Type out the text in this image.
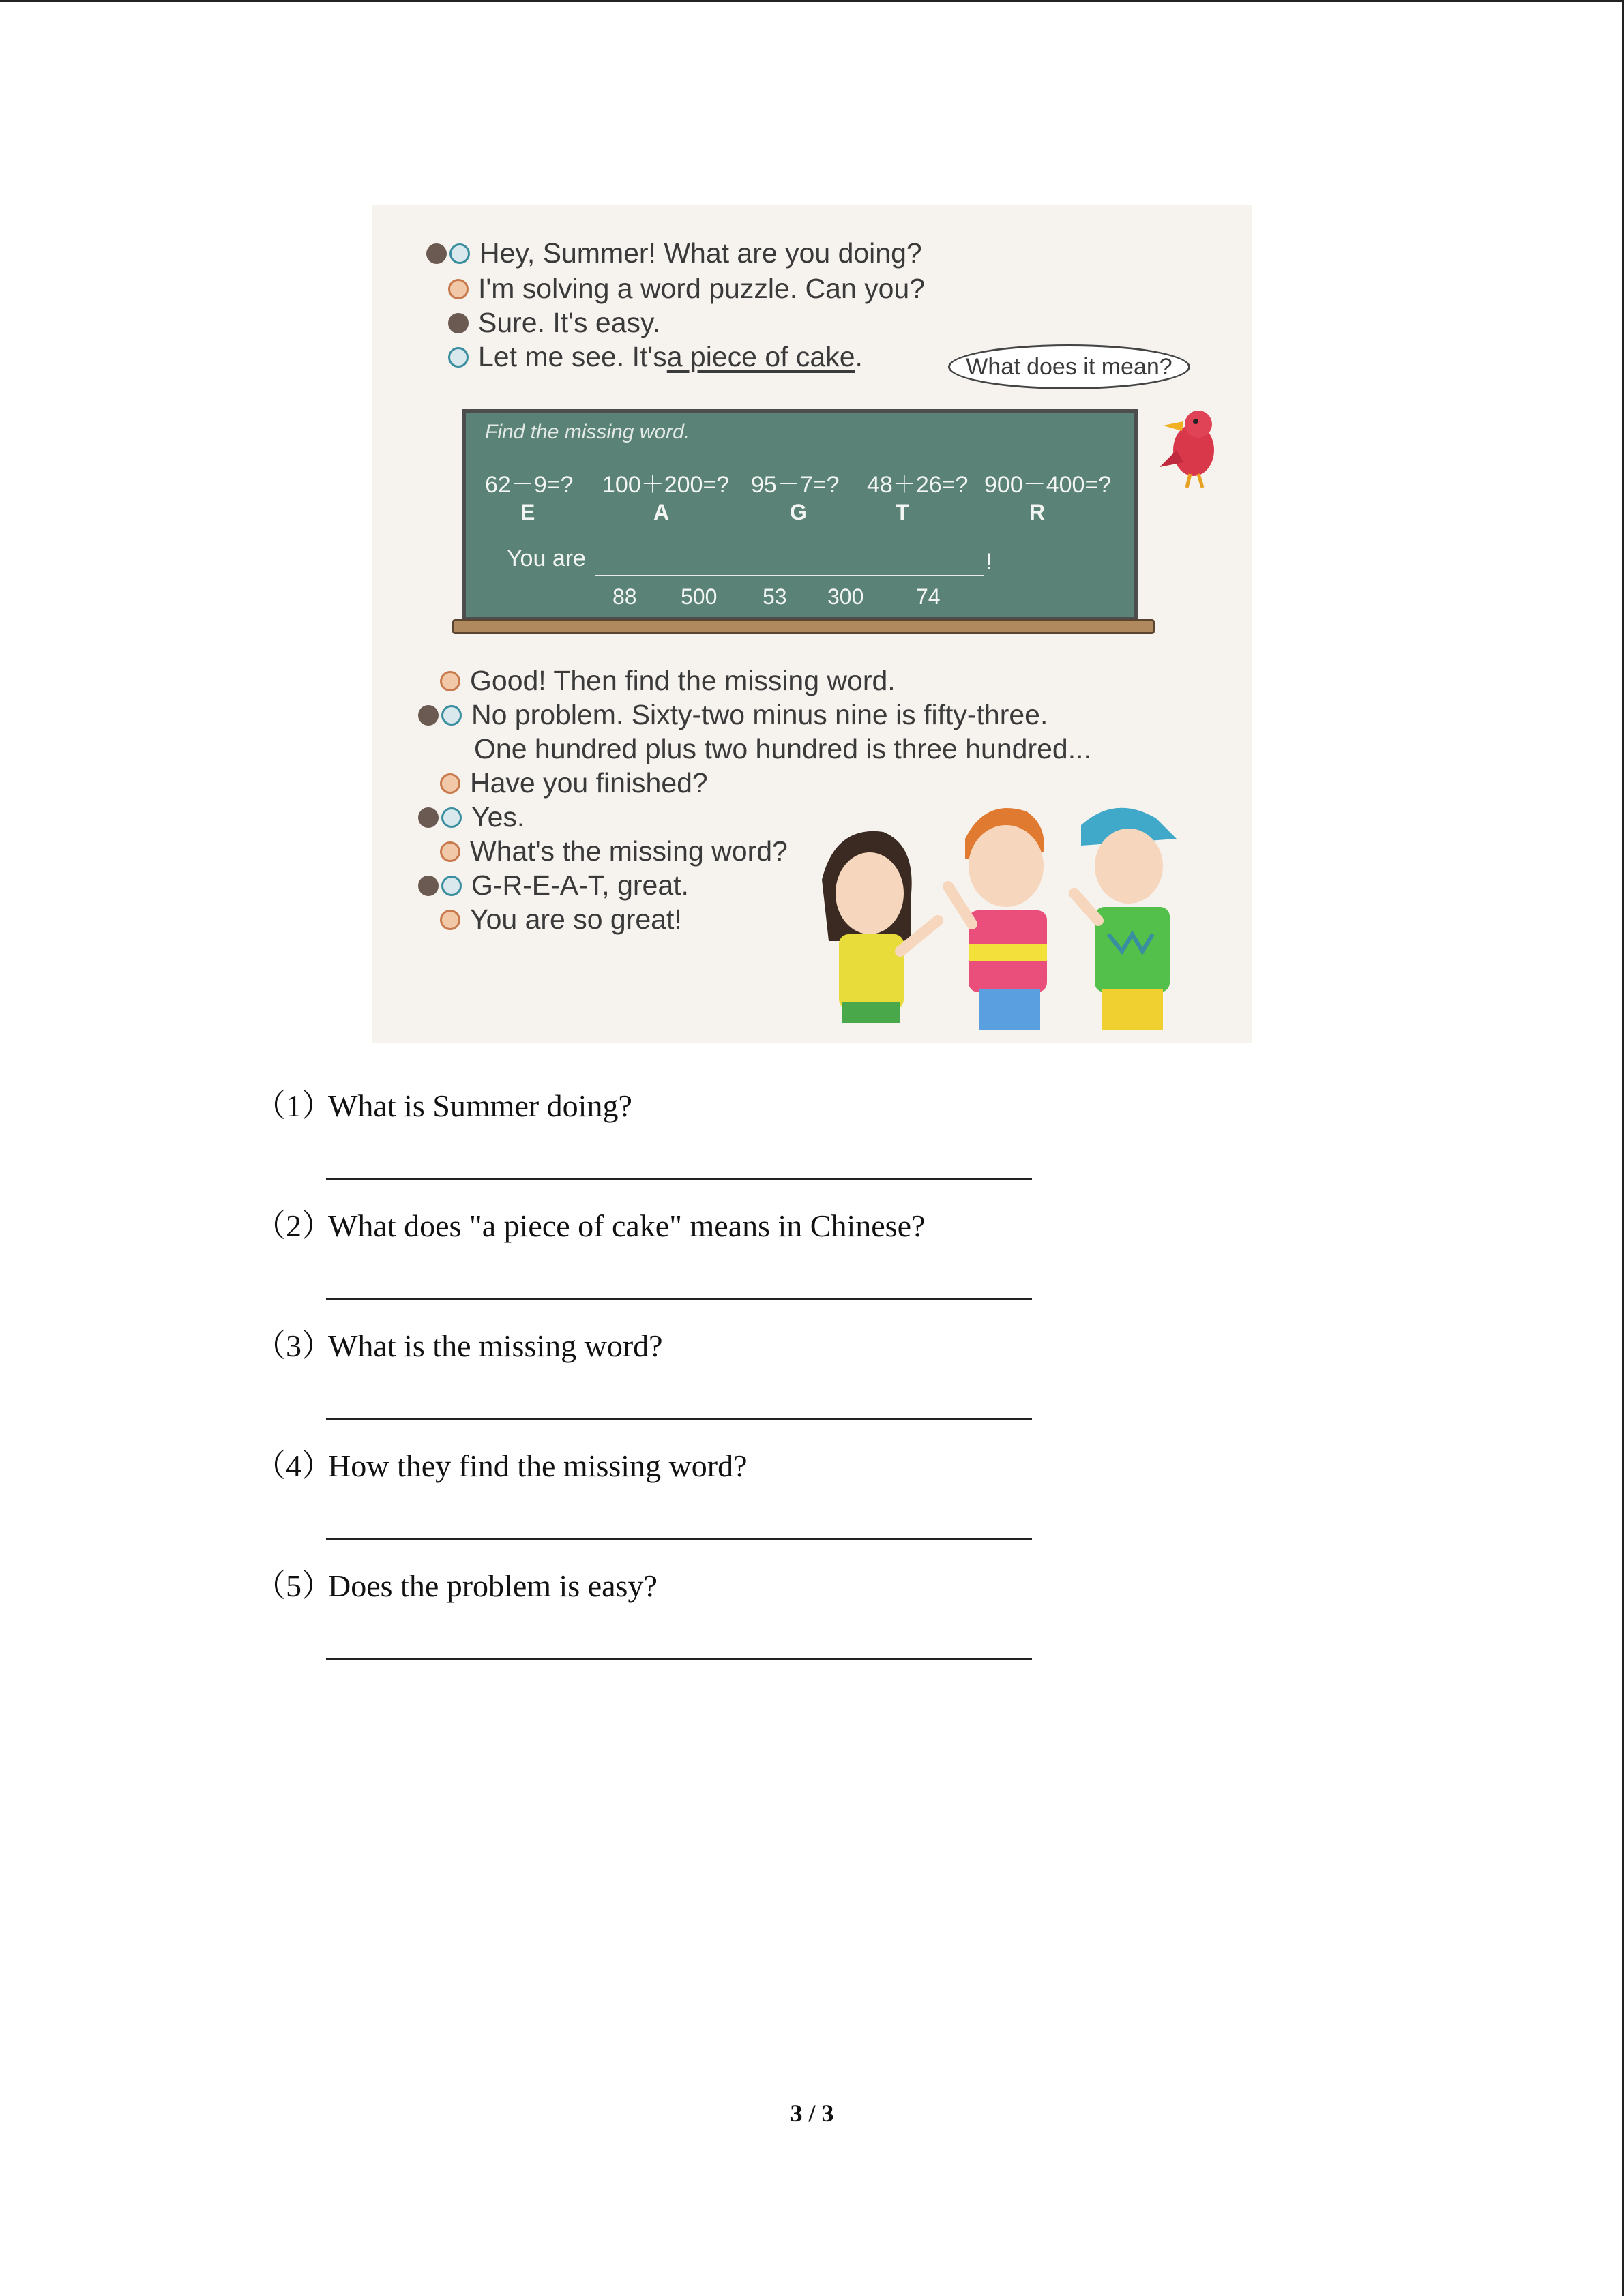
Hey, Summer! What are you doing?
I'm solving a word puzzle. Can you?
Sure. It's easy.
Let me see. It's a piece of cake .	What does it mean?
Find the missing word.
62－9=? 100＋200=? 95－7=? 48＋26=? 900－400=?
E	A	G	T	R
You are	!
88 500 53 300 74
Good! Then find the missing word.
No problem. Sixty-two minus nine is fifty-three.
One hundred plus two hundred is three hundred...
Have you finished?
Yes.
What's the missing word?
G-R-E-A-T, great.
You are so great!
（1）What is Summer doing?
（2）What does "a piece of cake" means in Chinese?
（3）What is the missing word?
（4）How they find the missing word?
（5）Does the problem is easy?
3 / 3
